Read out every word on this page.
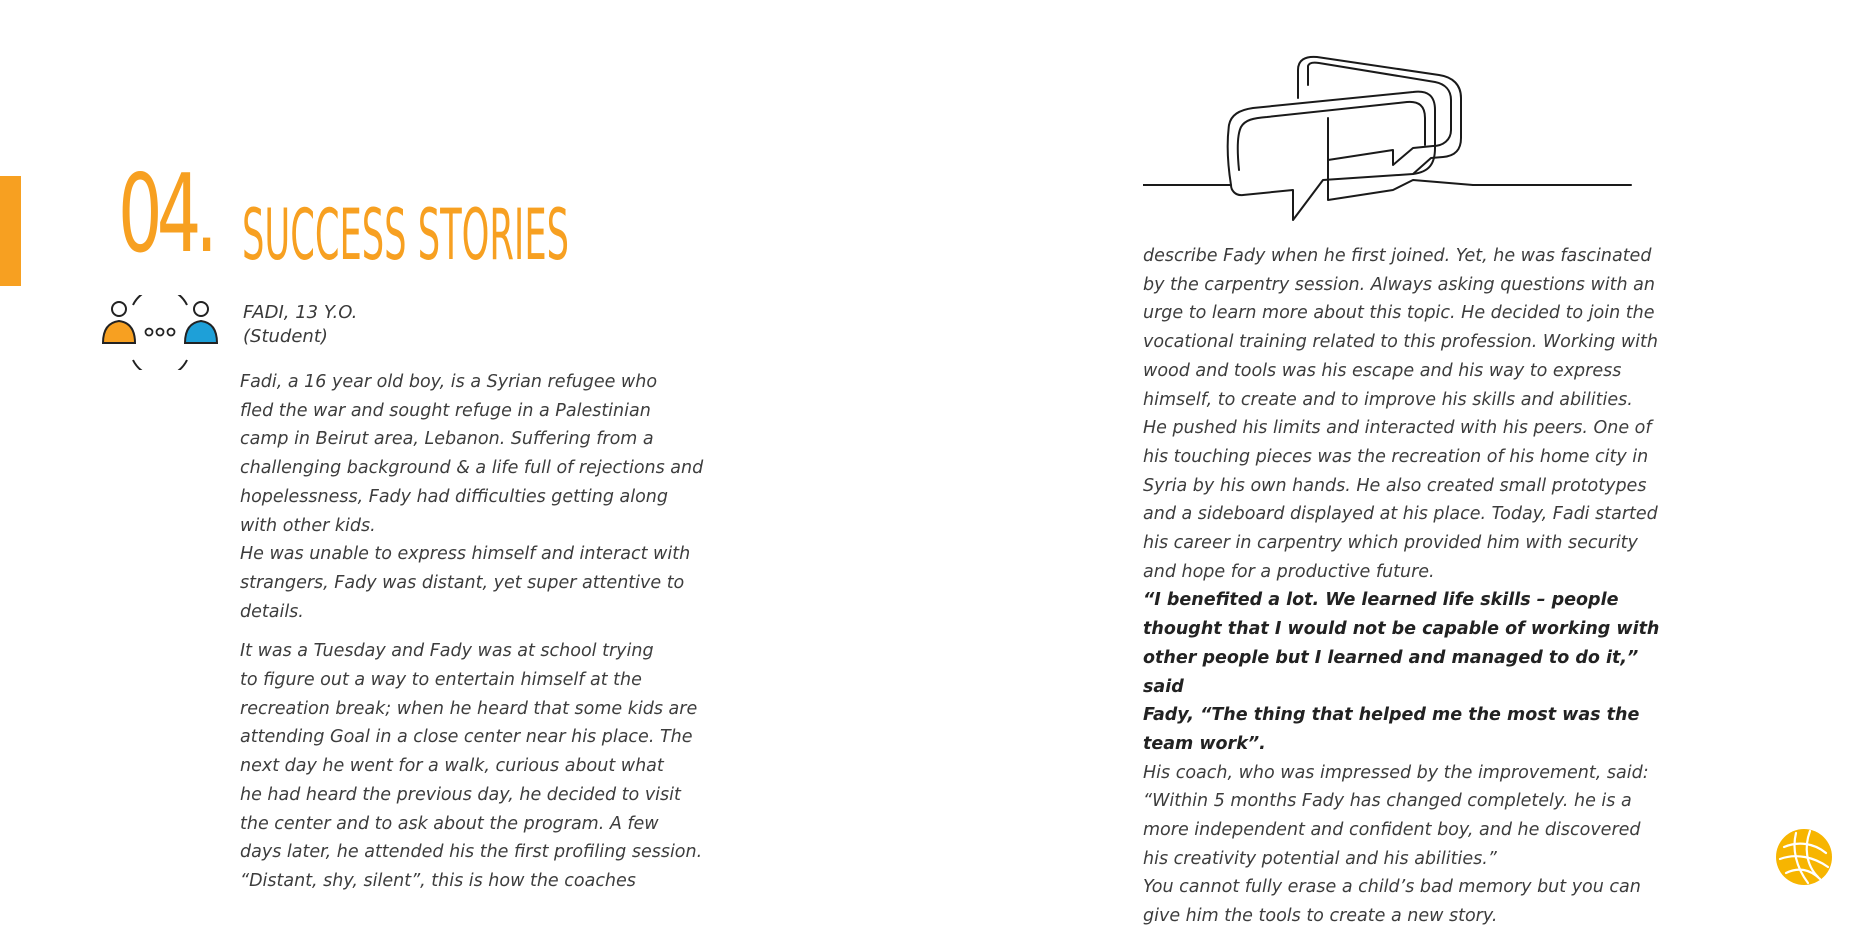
04. SUCCESS STORIES
FADI, 13 Y.O.
(Student)

Fadi, a 16 year old boy, is a Syrian refugee who
fled the war and sought refuge in a Palestinian
camp in Beirut area, Lebanon. Suffering from a
challenging background & a life full of rejections and
hopelessness, Fady had difficulties getting along
with other kids.

He was unable to express himself and interact with
strangers, Fady was distant, yet super attentive to
details.

It was a Tuesday and Fady was at school trying
to figure out a way to entertain himself at the
recreation break; when he heard that some kids are
attending Goal in a close center near his place. The
next day he went for a walk, curious about what
he had heard the previous day, he decided to visit
the center and to ask about the program. A few
days later, he attended his the first profiling session.
“Distant, shy, silent”, this is how the coaches

describe Fady when he first joined. Yet, he was fascinated
by the carpentry session. Always asking questions with an
urge to learn more about this topic. He decided to join the
vocational training related to this profession. Working with
wood and tools was his escape and his way to express
himself, to create and to improve his skills and abilities.
He pushed his limits and interacted with his peers. One of
his touching pieces was the recreation of his home city in
Syria by his own hands. He also created small prototypes
and a sideboard displayed at his place. Today, Fadi started
his career in carpentry which provided him with security
and hope for a productive future.

“I benefited a lot. We learned life skills – people
thought that I would not be capable of working with
other people but I learned and managed to do it,” said
Fady, “The thing that helped me the most was the
team work”.

His coach, who was impressed by the improvement, said:
“Within 5 months Fady has changed completely. he is a
more independent and confident boy, and he discovered
his creativity potential and his abilities.”
You cannot fully erase a child’s bad memory but you can
give him the tools to create a new story.
